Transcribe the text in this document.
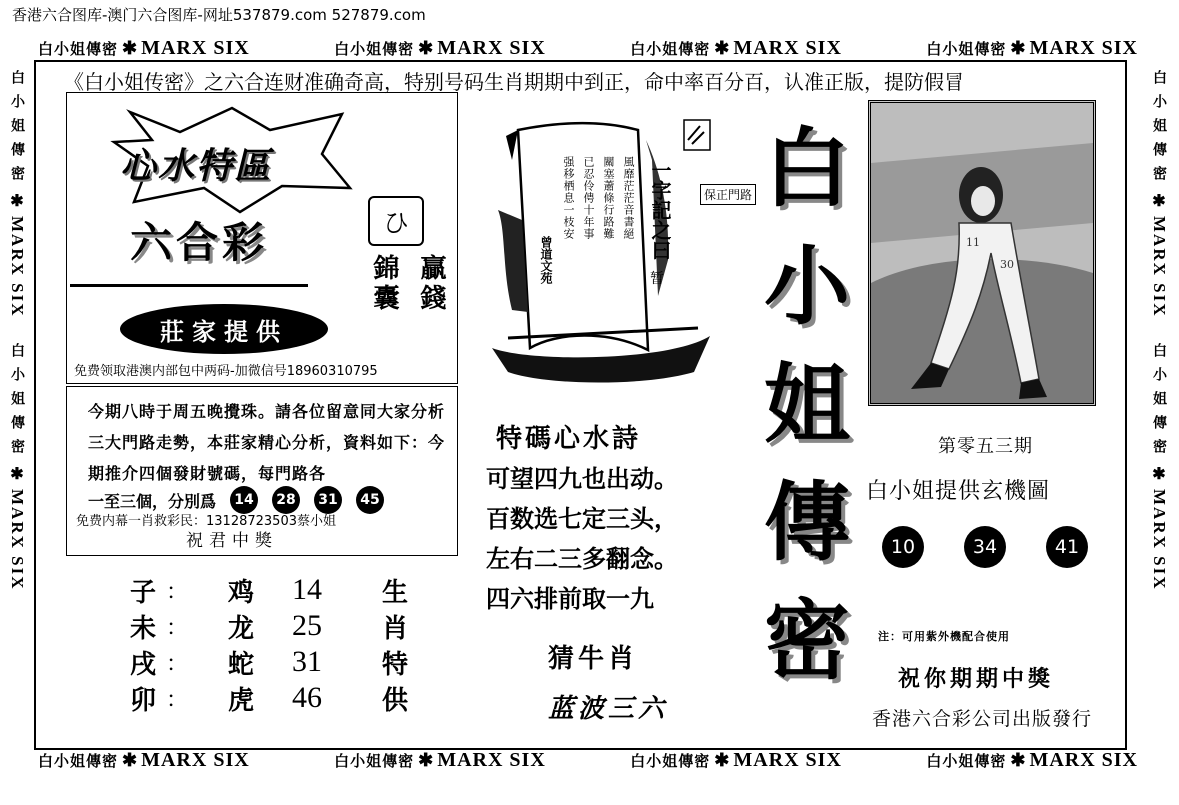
香港六合图库-澳门六合图库-网址537879.com 527879.com
白小姐傳密 ✱ MARX SIX	白小姐傳密 ✱ MARX SIX	白小姐傳密 ✱ MARX SIX	白小姐傳密 ✱ MARX SIX
白小姐傳密 ✱ MARX SIX	白小姐傳密 ✱ MARX SIX	白小姐傳密 ✱ MARX SIX	白小姐傳密 ✱ MARX SIX
白小姐傳密
✱
MARX SIX
白小姐傳密
✱
MARX SIX
白小姐傳密
✱
MARX SIX
白小姐傳密
✱
MARX SIX
《白小姐传密》之六合连财准确奇高，特别号码生肖期期中到正，命中率百分百，认准正版，提防假冒
心水特區
六合彩	ひ
錦囊 贏錢
莊家提供
免费领取港澳内部包中两码-加微信号18960310795
今期八時于周五晚攪珠。請各位留意同大家分析三大門路走勢，本莊家精心分析，資料如下：今期推介四個發財號碼，每門路各
一至三個，分別爲	14	28	31	45
免费内幕一肖救彩民：13128723503蔡小姐
祝君中獎
子 ：	鸡	14	生
未 ：	龙	25	肖
戌 ：	蛇	31	特
卯 ：	虎	46	供
風靡茫茫音書絕
關塞蕭條行路難
已忍伶俜十年事
强移栖息一枝安
曾道文苑	一字記之曰
暂
保正門路
特碼心水詩
可望四九也出动。
百数选七定三头，
左右二三多翻念。
四六排前取一九
猜牛肖
蓝波三六
白
小
姐
傳
密
11
30
第零五三期
白小姐提供玄機圖
10	34	41
注：可用紫外機配合使用
祝你期期中獎
香港六合彩公司出版發行
